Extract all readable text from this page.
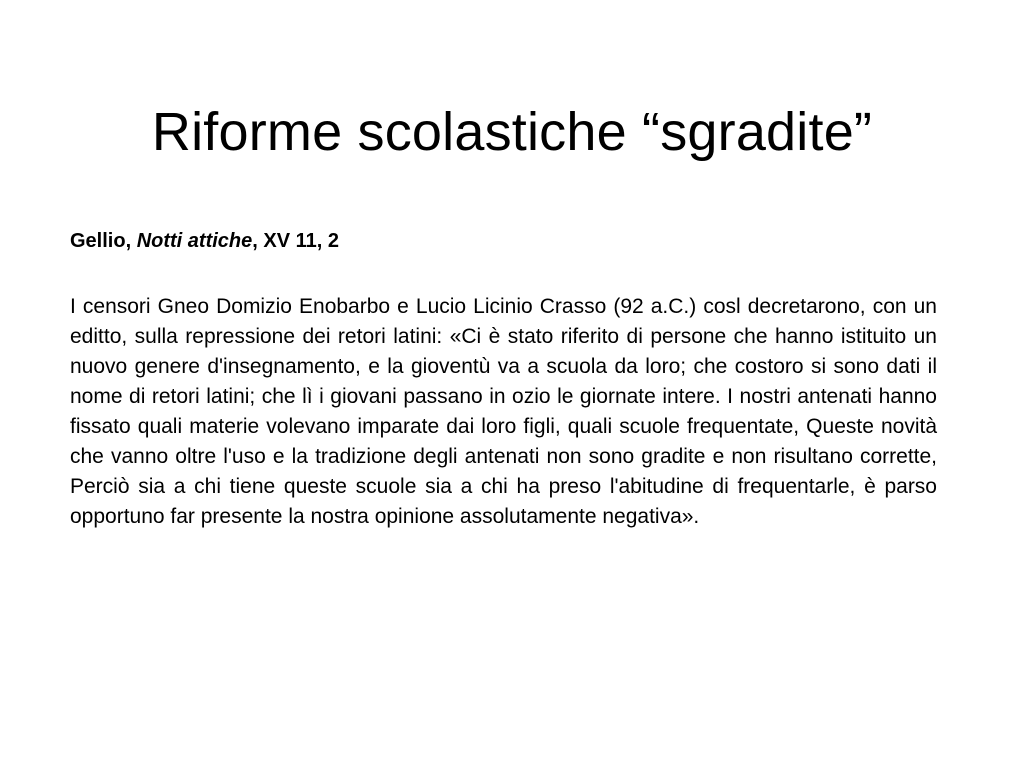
Riforme scolastiche “sgradite”

Gellio, Notti attiche, XV 11, 2

I censori Gneo Domizio Enobarbo e Lucio Licinio Crasso (92 a.C.) cosl decretarono, con un editto, sulla repressione dei retori latini: «Ci è stato riferito di persone che hanno istituito un nuovo genere d'insegnamento, e la gioventù va a scuola da loro; che costoro si sono dati il nome di retori latini; che lì i giovani passano in ozio le giornate intere. I nostri antenati hanno fissato quali materie volevano imparate dai loro figli, quali scuole frequentate, Queste novità che vanno oltre l'uso e la tradizione degli antenati non sono gradite e non risultano corrette, Perciò sia a chi tiene queste scuole sia a chi ha preso l'abitudine di frequentarle, è parso opportuno far presente la nostra opinione assolutamente negativa».
